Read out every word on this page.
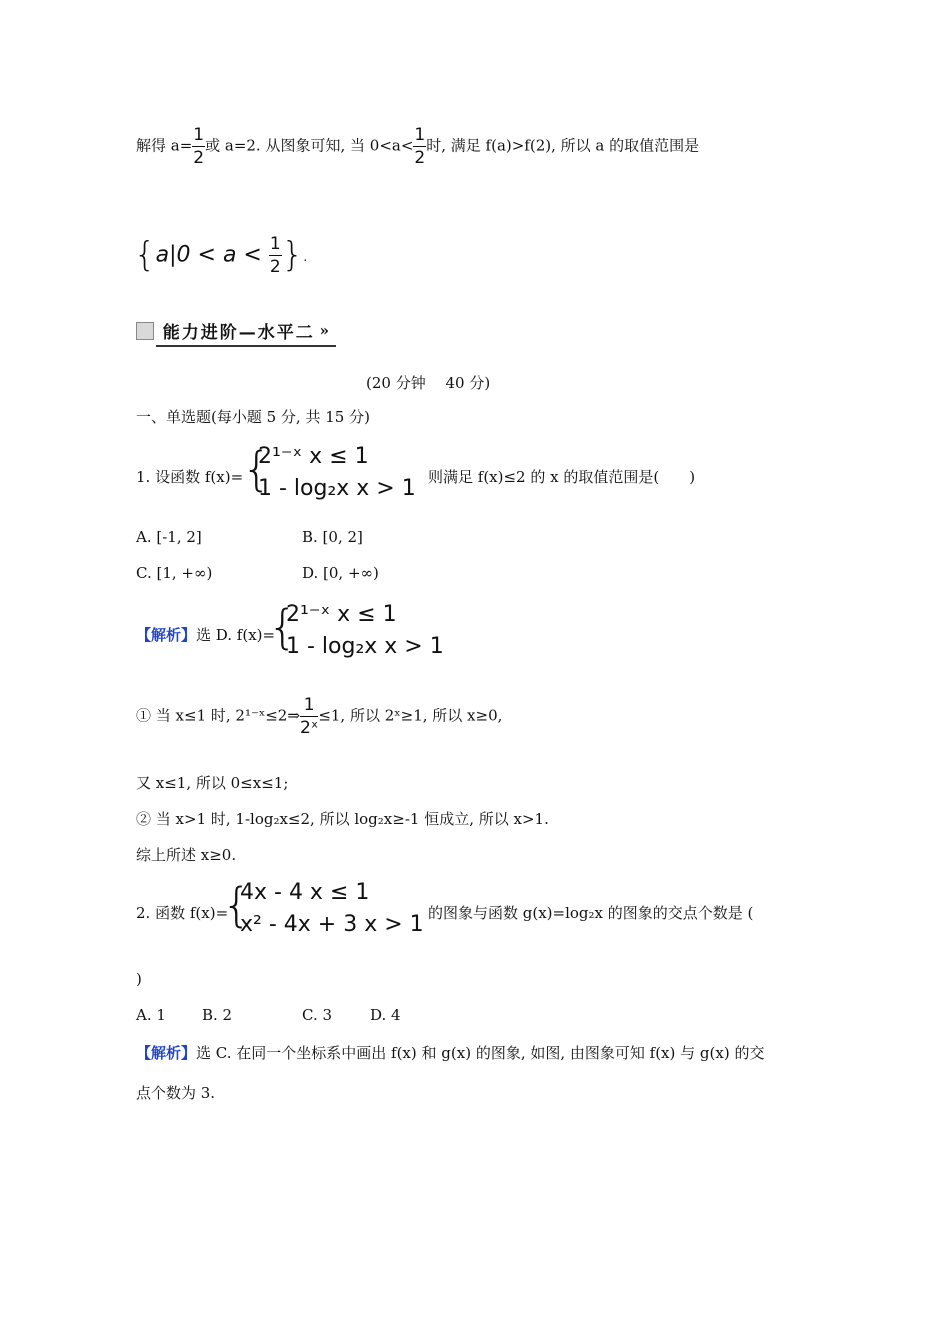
解得 $a= \frac{1}{2}$ 或 a=2. 从图象可知, 当 $0<a< \frac{1}{2}$ 时, 满足 f(a)>f(2), 所以 a 的取值范围是
{$a|0 < a < \frac{1}{2}$ }.
能力进阶—水平二 »
(20 分钟　 40 分)
一、单选题(每小题 5 分, 共 15 分)
1. 设函数 f(x)=
{
2¹⁻ˣ x ≤ 1
1 - log₂x x > 1 则满足 f(x)≤2 的 x 的取值范围是(　　)
A. [-1, 2]	B. [0, 2]
C. [1, +∞)	D. [0, +∞)
【解析】选 D. f(x)=
{
2¹⁻ˣ x ≤ 1
1 - log₂x x > 1
① 当 x≤1 时, 2¹⁻ˣ≤2⇒ $\frac{1}{\text{2ˣ}} \le 1$, 所以 2ˣ≥1, 所以 x≥0,
又 x≤1, 所以 0≤x≤1;
② 当 x>1 时, 1-log₂x≤2, 所以 log₂x≥-1 恒成立, 所以 x>1.
综上所述 x≥0.
2. 函数 f(x)=
{
4x - 4 x ≤ 1
x² - 4x + 3 x > 1 的图象与函数 g(x)=log₂x 的图象的交点个数是 (
)
A. 1 B. 2	C. 3	D. 4
【解析】选 C. 在同一个坐标系中画出 f(x) 和 g(x) 的图象, 如图, 由图象可知 f(x) 与 g(x) 的交
点个数为 3.
